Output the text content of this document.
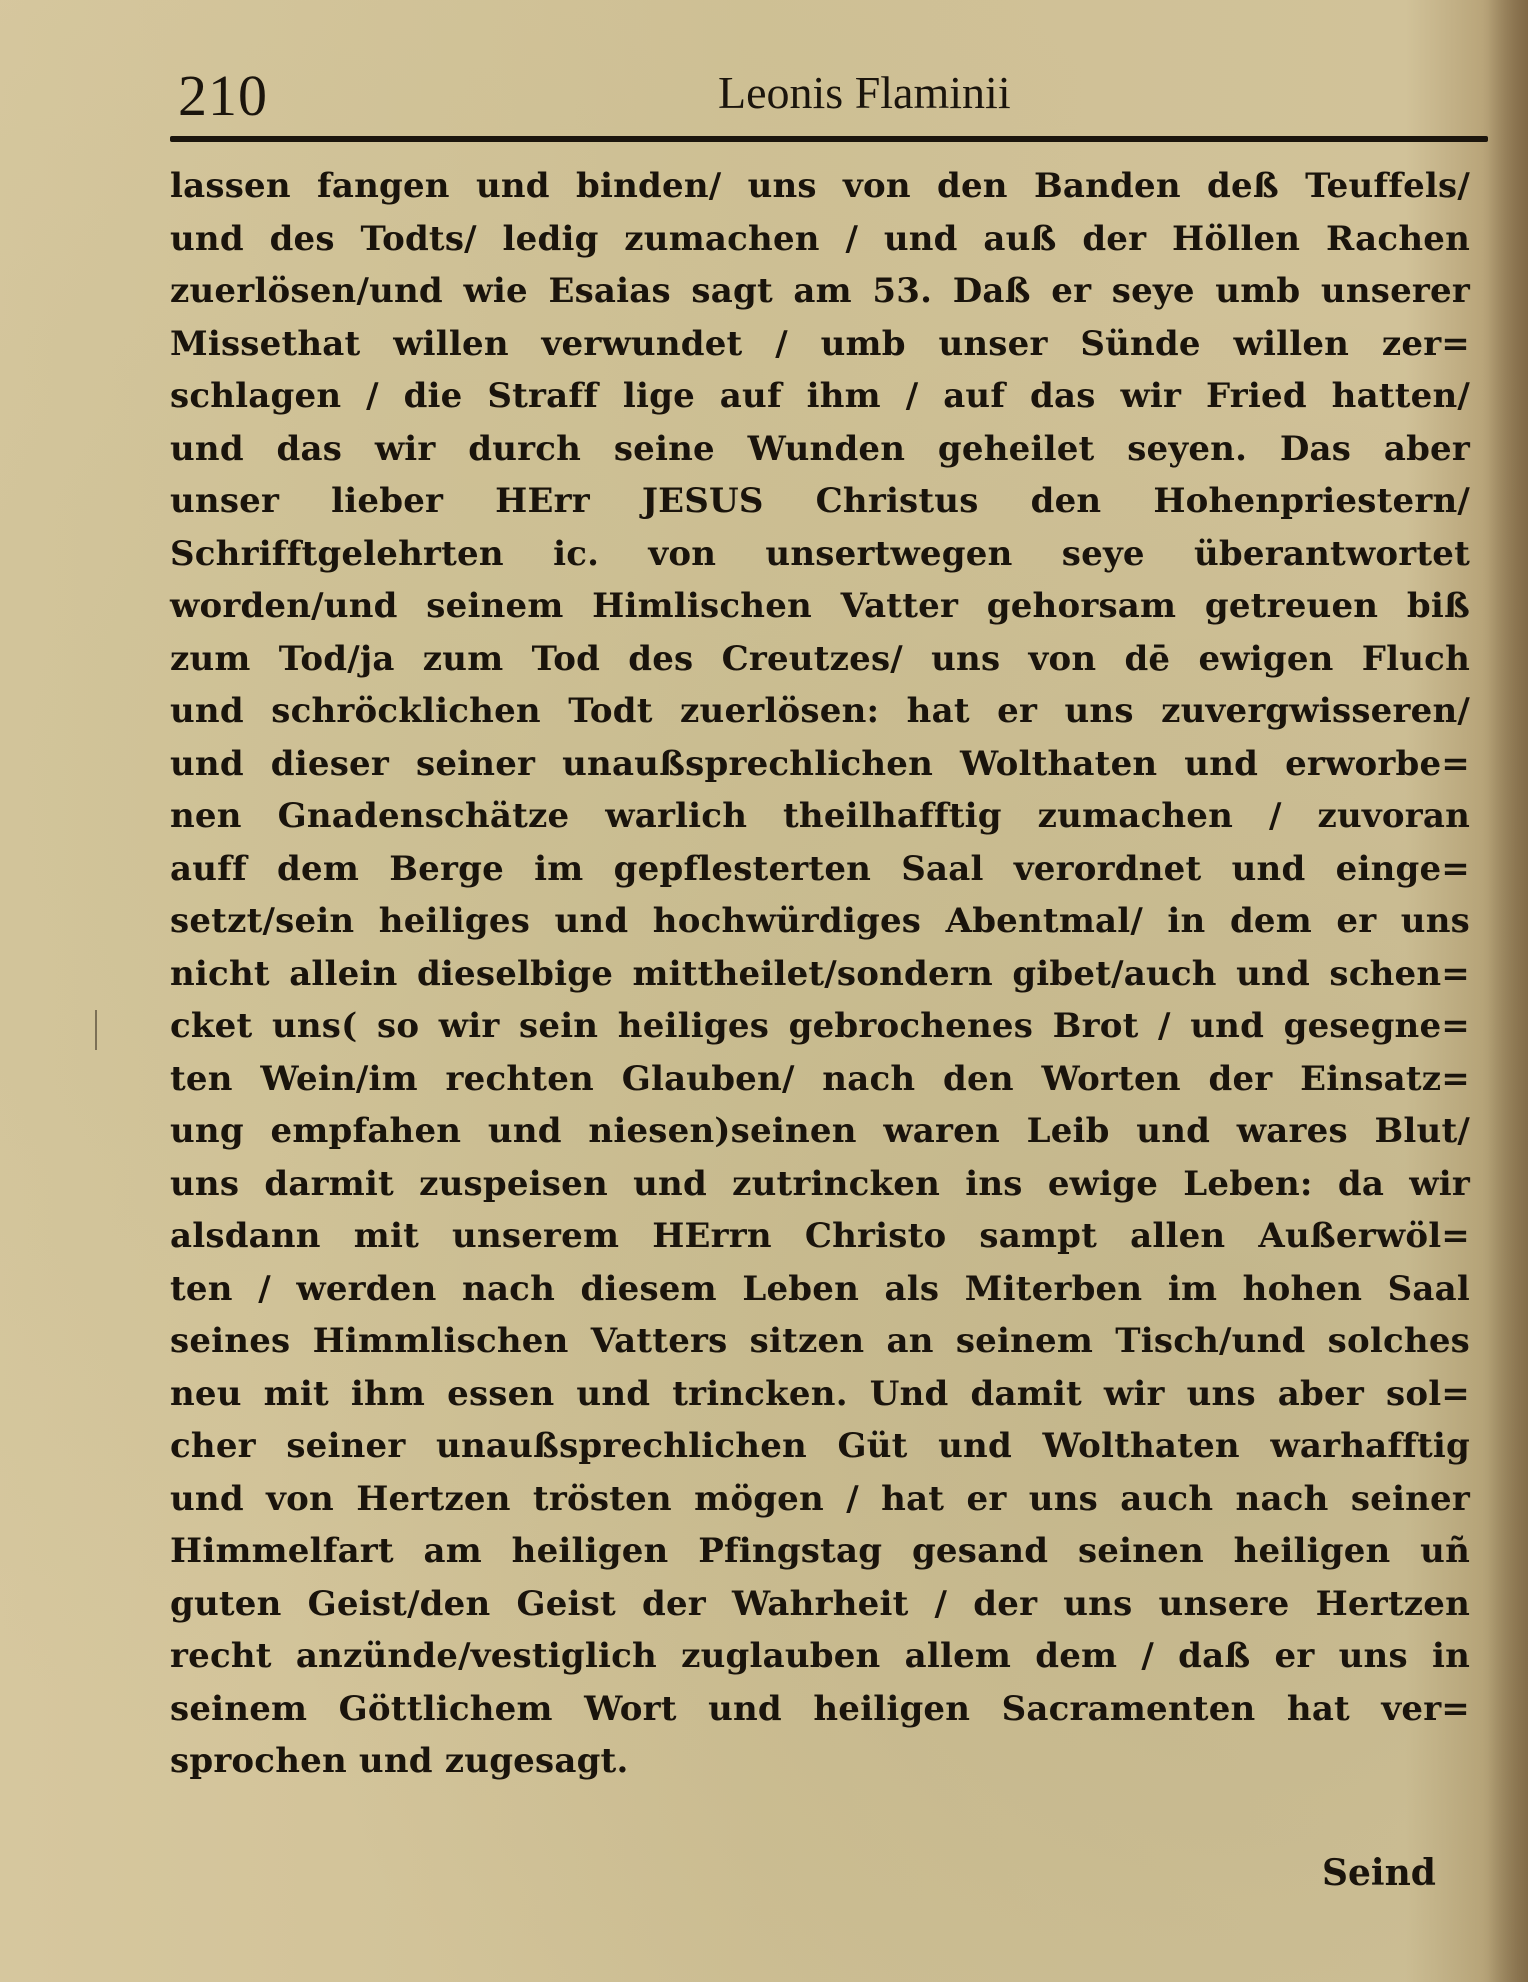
210	Leonis Flaminii
lassen fangen und binden/ uns von den Banden deß Teuffels/
und des Todts/ ledig zumachen / und auß der Höllen Rachen
zuerlösen/und wie Esaias sagt am 53. Daß er seye umb unserer
Missethat willen verwundet / umb unser Sünde willen zer=
schlagen / die Straff lige auf ihm / auf das wir Fried hatten/
und das wir durch seine Wunden geheilet seyen. Das aber
unser lieber HErr JESUS Christus den Hohenpriestern/
Schrifftgelehrten ic. von unsertwegen seye überantwortet
worden/und seinem Himlischen Vatter gehorsam getreuen biß
zum Tod/ja zum Tod des Creutzes/ uns von dē ewigen Fluch
und schröcklichen Todt zuerlösen: hat er uns zuvergwisseren/
und dieser seiner unaußsprechlichen Wolthaten und erworbe=
nen Gnadenschätze warlich theilhafftig zumachen / zuvoran
auff dem Berge im gepflesterten Saal verordnet und einge=
setzt/sein heiliges und hochwürdiges Abentmal/ in dem er uns
nicht allein dieselbige mittheilet/sondern gibet/auch und schen=
cket uns( so wir sein heiliges gebrochenes Brot / und gesegne=
ten Wein/im rechten Glauben/ nach den Worten der Einsatz=
ung empfahen und niesen)seinen waren Leib und wares Blut/
uns darmit zuspeisen und zutrincken ins ewige Leben: da wir
alsdann mit unserem HErrn Christo sampt allen Außerwöl=
ten / werden nach diesem Leben als Miterben im hohen Saal
seines Himmlischen Vatters sitzen an seinem Tisch/und solches
neu mit ihm essen und trincken. Und damit wir uns aber sol=
cher seiner unaußsprechlichen Güt und Wolthaten warhafftig
und von Hertzen trösten mögen / hat er uns auch nach seiner
Himmelfart am heiligen Pfingstag gesand seinen heiligen uñ
guten Geist/den Geist der Wahrheit / der uns unsere Hertzen
recht anzünde/vestiglich zuglauben allem dem / daß er uns in
seinem Göttlichem Wort und heiligen Sacramenten hat ver=
sprochen und zugesagt.
Seind
